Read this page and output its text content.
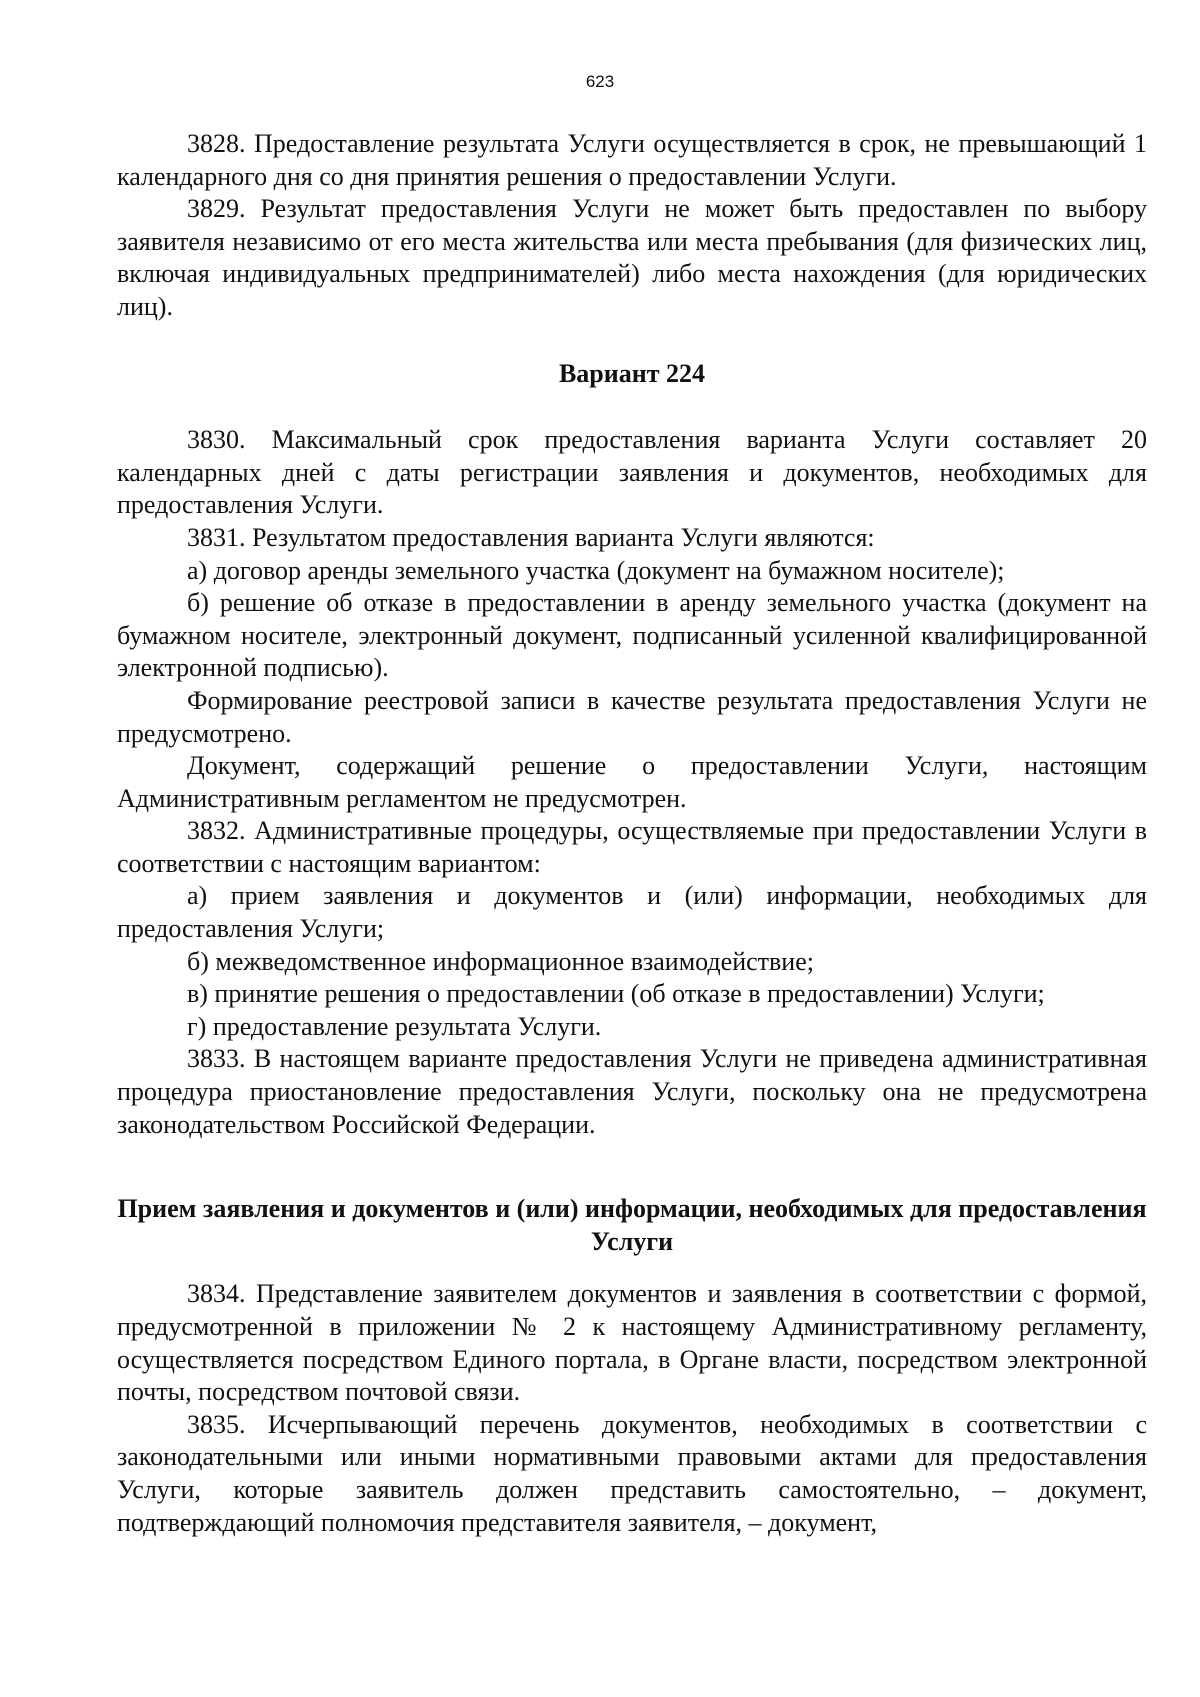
623

3828. Предоставление результата Услуги осуществляется в срок, не превышающий 1 календарного дня со дня принятия решения о предоставлении Услуги.

3829. Результат предоставления Услуги не может быть предоставлен по выбору заявителя независимо от его места жительства или места пребывания (для физических лиц, включая индивидуальных предпринимателей) либо места нахождения (для юридических лиц).

Вариант 224

3830. Максимальный срок предоставления варианта Услуги составляет 20 календарных дней с даты регистрации заявления и документов, необходимых для предоставления Услуги.

3831. Результатом предоставления варианта Услуги являются:

а) договор аренды земельного участка (документ на бумажном носителе);

б) решение об отказе в предоставлении в аренду земельного участка (документ на бумажном носителе, электронный документ, подписанный усиленной квалифицированной электронной подписью).

Формирование реестровой записи в качестве результата предоставления Услуги не предусмотрено.

Документ, содержащий решение о предоставлении Услуги, настоящим Административным регламентом не предусмотрен.

3832. Административные процедуры, осуществляемые при предоставлении Услуги в соответствии с настоящим вариантом:

а) прием заявления и документов и (или) информации, необходимых для предоставления Услуги;

б) межведомственное информационное взаимодействие;

в) принятие решения о предоставлении (об отказе в предоставлении) Услуги;

г) предоставление результата Услуги.

3833. В настоящем варианте предоставления Услуги не приведена административная процедура приостановление предоставления Услуги, поскольку она не предусмотрена законодательством Российской Федерации.

Прием заявления и документов и (или) информации, необходимых для предоставления Услуги

3834. Представление заявителем документов и заявления в соответствии с формой, предусмотренной в приложении № 2 к настоящему Административному регламенту, осуществляется посредством Единого портала, в Органе власти, посредством электронной почты, посредством почтовой связи.

3835. Исчерпывающий перечень документов, необходимых в соответствии с законодательными или иными нормативными правовыми актами для предоставления Услуги, которые заявитель должен представить самостоятельно, – документ, подтверждающий полномочия представителя заявителя, – документ,
